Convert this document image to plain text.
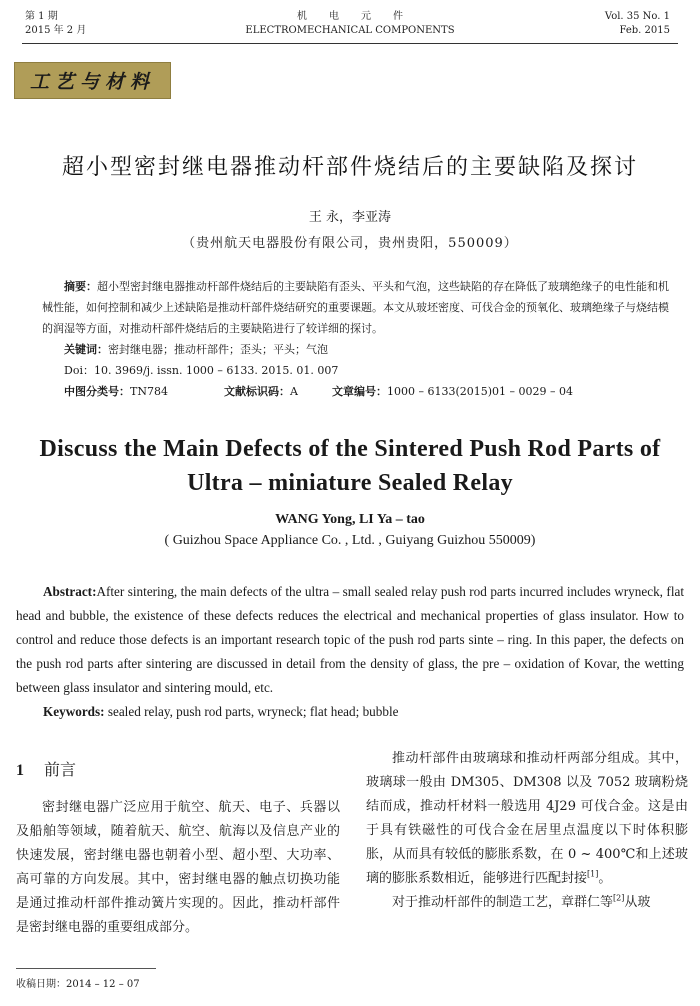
第 1 期
2015 年 2 月
机电元件
ELECTROMECHANICAL COMPONENTS
Vol. 35 No. 1
Feb. 2015
工艺与材料
超小型密封继电器推动杆部件烧结后的主要缺陷及探讨
王 永，李亚涛
（贵州航天电器股份有限公司，贵州贵阳，550009）

摘要：超小型密封继电器推动杆部件烧结后的主要缺陷有歪头、平头和气泡，这些缺陷的存在降低了玻璃绝缘子的电性能和机械性能，如何控制和减少上述缺陷是推动杆部件烧结研究的重要课题。本文从玻坯密度、可伐合金的预氧化、玻璃绝缘子与烧结模的润湿等方面，对推动杆部件烧结后的主要缺陷进行了较详细的探讨。

关键词：密封继电器；推动杆部件；歪头；平头；气泡

Doi：10. 3969/j. issn. 1000 – 6133. 2015. 01. 007

中图分类号：TN784	文献标识码：A	文章编号：1000 – 6133(2015)01 – 0029 – 04
Discuss the Main Defects of the Sintered Push Rod Parts of
Ultra – miniature Sealed Relay
WANG Yong, LI Ya – tao
( Guizhou Space Appliance Co. , Ltd. , Guiyang Guizhou 550009)

Abstract:After sintering, the main defects of the ultra – small sealed relay push rod parts incurred includes wryneck, flat head and bubble, the existence of these defects reduces the electrical and mechanical properties of glass insulator. How to control and reduce those defects is an important research topic of the push rod parts sinte – ring. In this paper, the defects on the push rod parts after sintering are discussed in detail from the density of glass, the pre – oxidation of Kovar, the wetting between glass insulator and sintering mould, etc.

Keywords: sealed relay, push rod parts, wryneck; flat head; bubble

1 前言

密封继电器广泛应用于航空、航天、电子、兵器以及船舶等领域，随着航天、航空、航海以及信息产业的快速发展，密封继电器也朝着小型、超小型、大功率、高可靠的方向发展。其中，密封继电器的触点切换功能是通过推动杆部件推动簧片实现的。因此，推动杆部件是密封继电器的重要组成部分。

推动杆部件由玻璃球和推动杆两部分组成。其中，玻璃球一般由 DM305、DM308 以及 7052 玻璃粉烧结而成，推动杆材料一般选用 4J29 可伐合金。这是由于具有铁磁性的可伐合金在居里点温度以下时体积膨胀，从而具有较低的膨胀系数，在 0 ~ 400℃和上述玻璃的膨胀系数相近，能够进行匹配封接[1]。

对于推动杆部件的制造工艺，章群仁等[2]从玻

收稿日期：2014 – 12 – 07
